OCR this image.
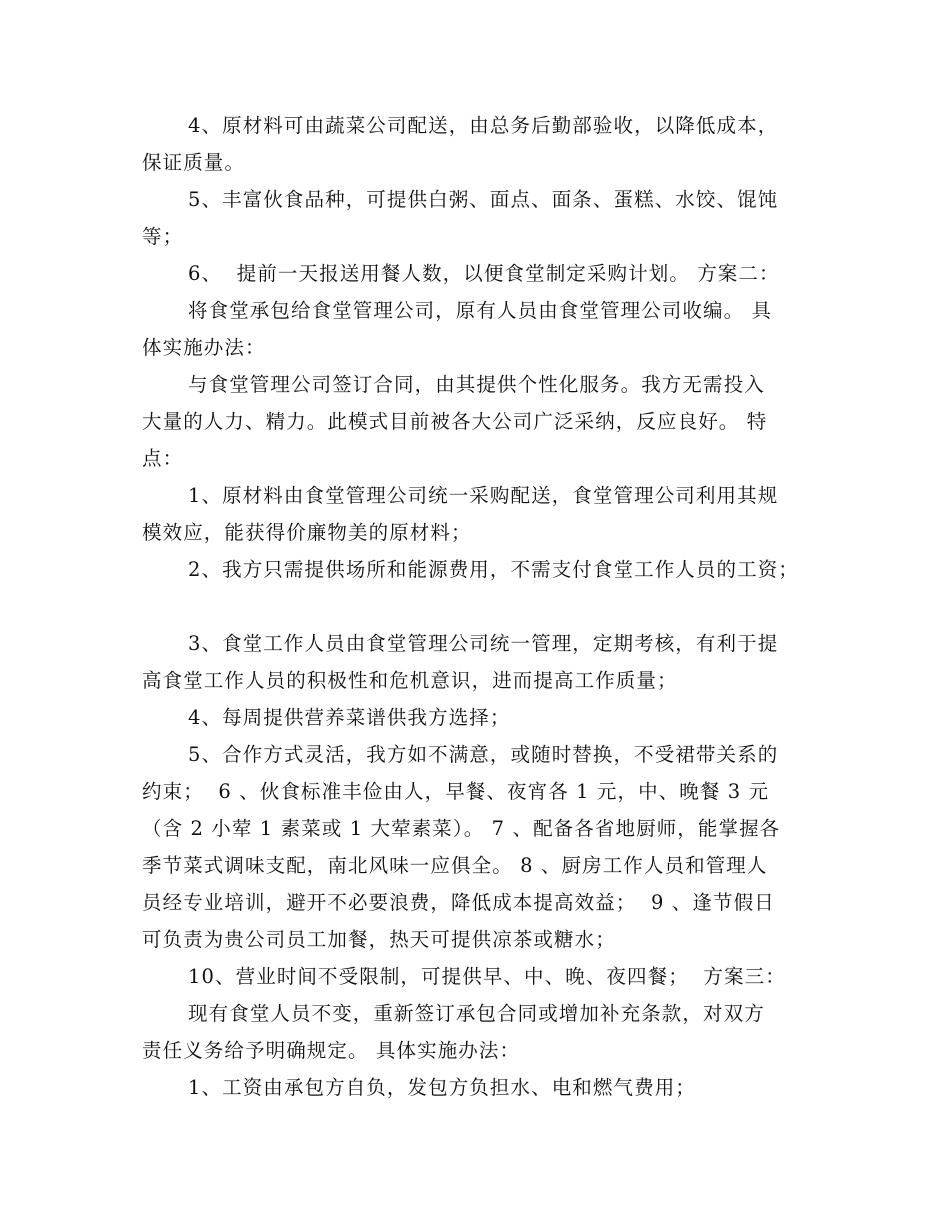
4、原材料可由蔬菜公司配送，由总务后勤部验收，以降低成本，
保证质量。
5、丰富伙食品种，可提供白粥、面点、面条、蛋糕、水饺、馄饨
等；
6、  提前一天报送用餐人数，以便食堂制定采购计划。 方案二：
将食堂承包给食堂管理公司，原有人员由食堂管理公司收编。 具
体实施办法：
与食堂管理公司签订合同，由其提供个性化服务。我方无需投入
大量的人力、精力。此模式目前被各大公司广泛采纳，反应良好。 特
点：
1、原材料由食堂管理公司统一采购配送，食堂管理公司利用其规
模效应，能获得价廉物美的原材料；
2、我方只需提供场所和能源费用，不需支付食堂工作人员的工资；
3、食堂工作人员由食堂管理公司统一管理，定期考核，有利于提
高食堂工作人员的积极性和危机意识，进而提高工作质量；
4、每周提供营养菜谱供我方选择；
5、合作方式灵活，我方如不满意，或随时替换，不受裙带关系的
约束；  6 、伙食标准丰俭由人，早餐、夜宵各 1 元，中、晚餐 3 元
（含 2 小荤 1 素菜或 1 大荤素菜）。 7 、配备各省地厨师，能掌握各
季节菜式调味支配，南北风味一应俱全。 8 、厨房工作人员和管理人
员经专业培训，避开不必要浪费，降低成本提高效益；  9 、逢节假日
可负责为贵公司员工加餐，热天可提供凉茶或糖水；
10、营业时间不受限制，可提供早、中、晚、夜四餐；  方案三：
现有食堂人员不变，重新签订承包合同或增加补充条款，对双方
责任义务给予明确规定。 具体实施办法：
1、工资由承包方自负，发包方负担水、电和燃气费用；
